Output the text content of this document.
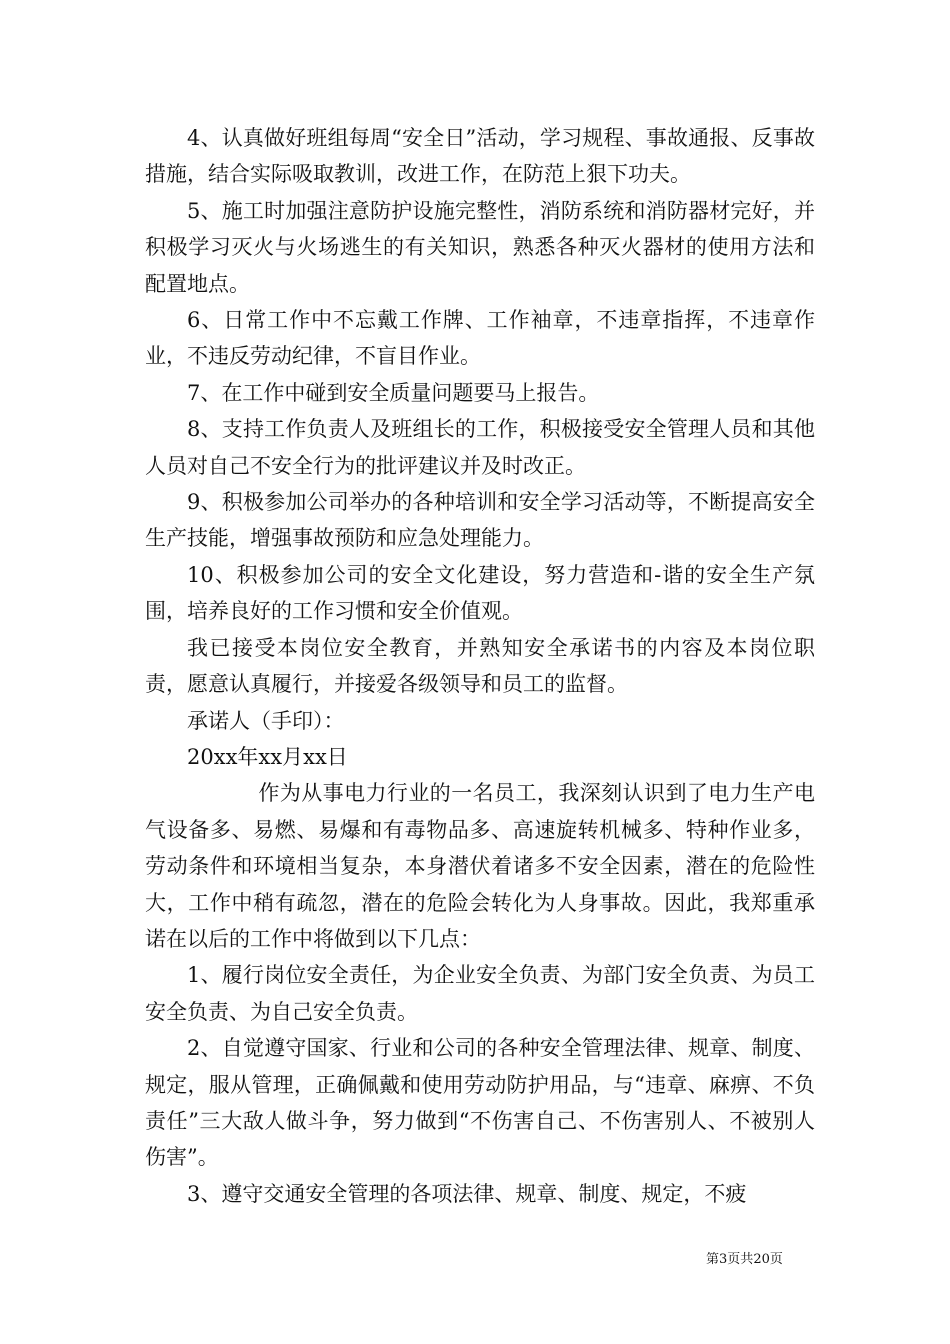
4、认真做好班组每周“安全日”活动，学习规程、事故通报、反事故措施，结合实际吸取教训，改进工作，在防范上狠下功夫。

5、施工时加强注意防护设施完整性，消防系统和消防器材完好，并积极学习灭火与火场逃生的有关知识，熟悉各种灭火器材的使用方法和配置地点。

6、日常工作中不忘戴工作牌、工作袖章，不违章指挥，不违章作业，不违反劳动纪律，不盲目作业。

7、在工作中碰到安全质量问题要马上报告。

8、支持工作负责人及班组长的工作，积极接受安全管理人员和其他人员对自己不安全行为的批评建议并及时改正。

9、积极参加公司举办的各种培训和安全学习活动等，不断提高安全生产技能，增强事故预防和应急处理能力。

10、积极参加公司的安全文化建设，努力营造和-谐的安全生产氛围，培养良好的工作习惯和安全价值观。

我已接受本岗位安全教育，并熟知安全承诺书的内容及本岗位职责，愿意认真履行，并接爱各级领导和员工的监督。

承诺人（手印）：

20xx年xx月xx日

作为从事电力行业的一名员工，我深刻认识到了电力生产电气设备多、易燃、易爆和有毒物品多、高速旋转机械多、特种作业多，劳动条件和环境相当复杂，本身潜伏着诸多不安全因素，潜在的危险性大，工作中稍有疏忽，潜在的危险会转化为人身事故。因此，我郑重承诺在以后的工作中将做到以下几点：

1、履行岗位安全责任，为企业安全负责、为部门安全负责、为员工安全负责、为自己安全负责。

2、自觉遵守国家、行业和公司的各种安全管理法律、规章、制度、规定，服从管理，正确佩戴和使用劳动防护用品，与“违章、麻痹、不负责任”三大敌人做斗争，努力做到“不伤害自己、不伤害别人、不被别人伤害”。

3、遵守交通安全管理的各项法律、规章、制度、规定，不疲

第3页共20页
